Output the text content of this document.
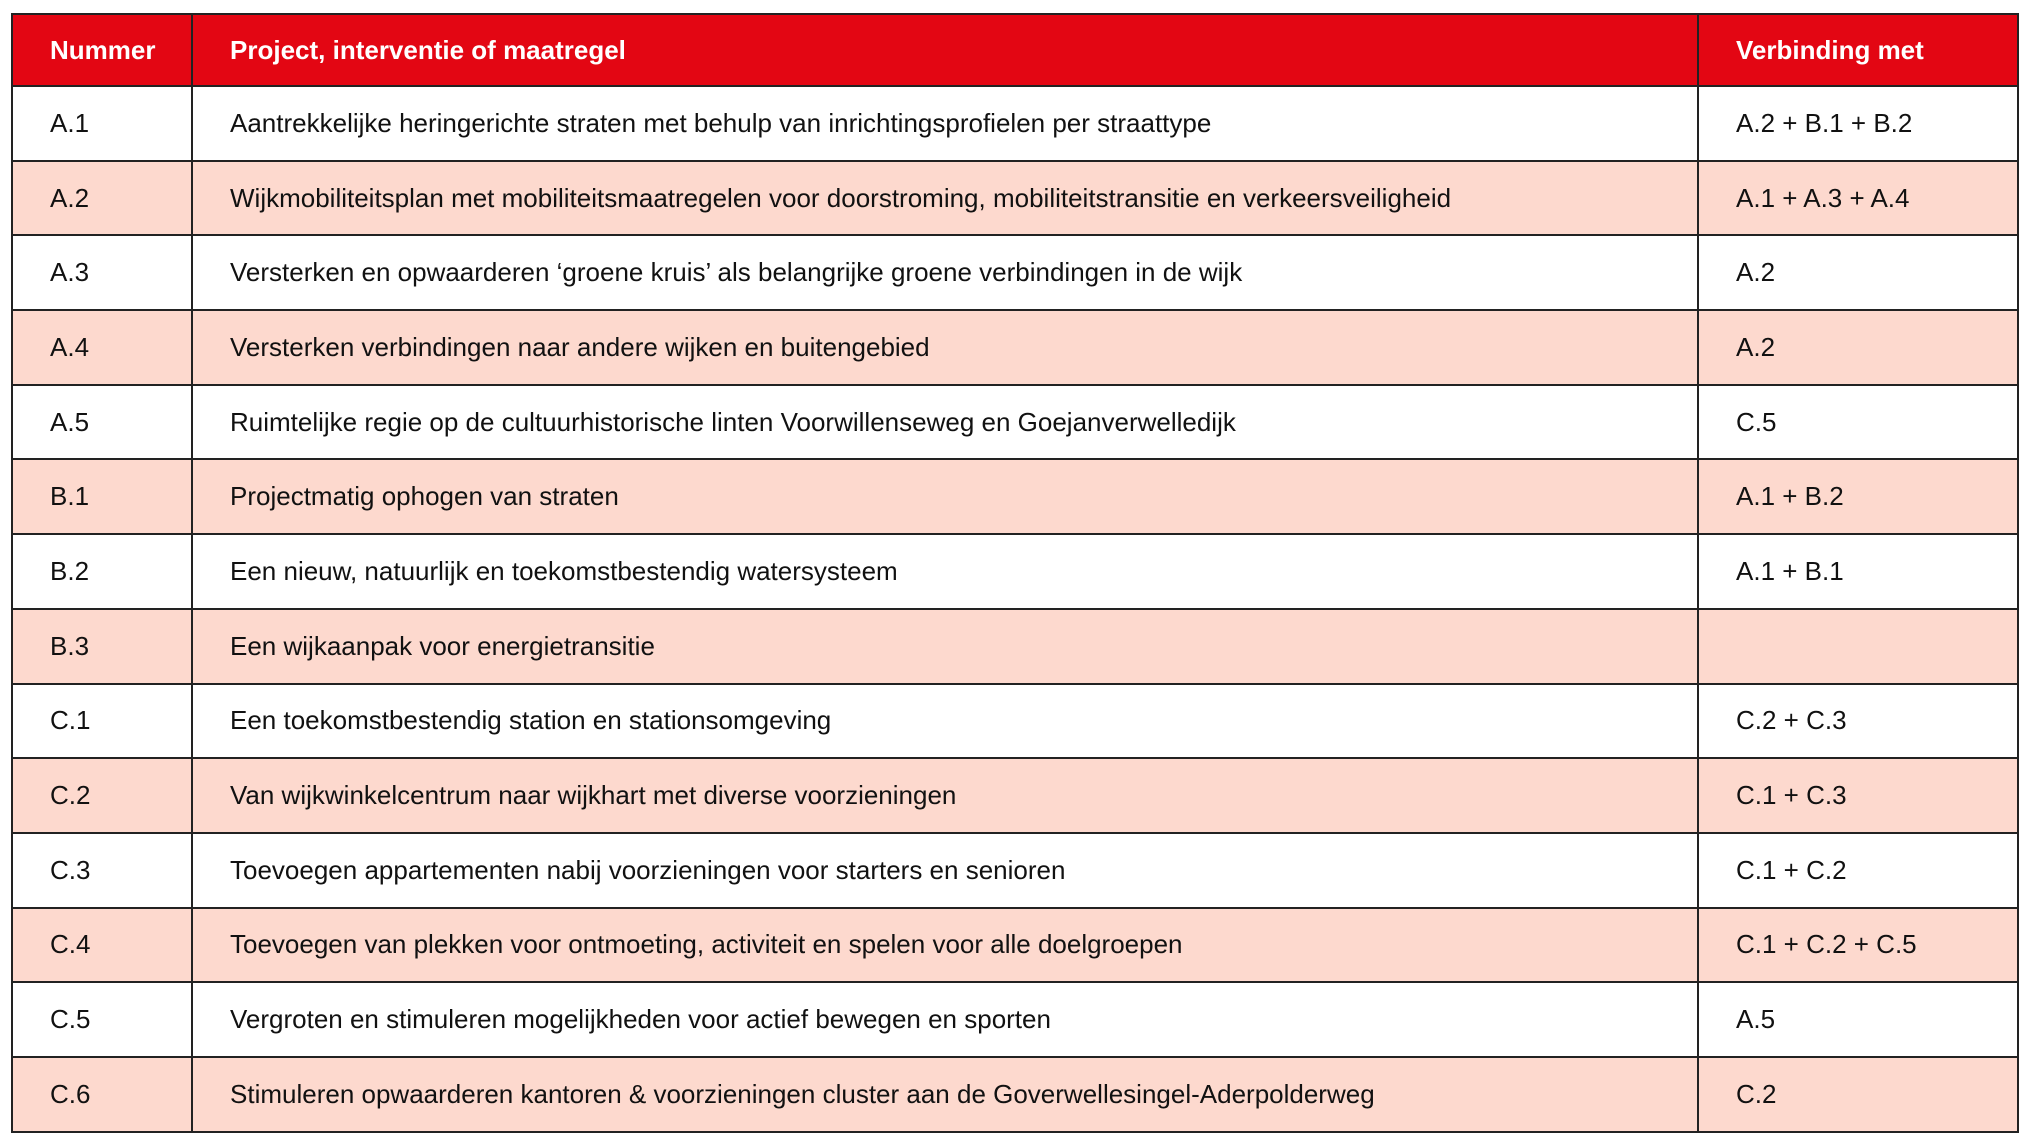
Nummer	Project, interventie of maatregel	Verbinding met
A.1	Aantrekkelijke heringerichte straten met behulp van inrichtingsprofielen per straattype	A.2 + B.1 + B.2
A.2	Wijkmobiliteitsplan met mobiliteitsmaatregelen voor doorstroming, mobiliteitstransitie en verkeersveiligheid	A.1 + A.3 + A.4
A.3	Versterken en opwaarderen ‘groene kruis’ als belangrijke groene verbindingen in de wijk	A.2
A.4	Versterken verbindingen naar andere wijken en buitengebied	A.2
A.5	Ruimtelijke regie op de cultuurhistorische linten Voorwillenseweg en Goejanverwelledijk	C.5
B.1	Projectmatig ophogen van straten	A.1 + B.2
B.2	Een nieuw, natuurlijk en toekomstbestendig watersysteem	A.1 + B.1
B.3	Een wijkaanpak voor energietransitie	
C.1	Een toekomstbestendig station en stationsomgeving	C.2 + C.3
C.2	Van wijkwinkelcentrum naar wijkhart met diverse voorzieningen	C.1 + C.3
C.3	Toevoegen appartementen nabij voorzieningen voor starters en senioren	C.1 + C.2
C.4	Toevoegen van plekken voor ontmoeting, activiteit en spelen voor alle doelgroepen	C.1 + C.2 + C.5
C.5	Vergroten en stimuleren mogelijkheden voor actief bewegen en sporten	A.5
C.6	Stimuleren opwaarderen kantoren & voorzieningen cluster aan de Goverwellesingel-Aderpolderweg	C.2
